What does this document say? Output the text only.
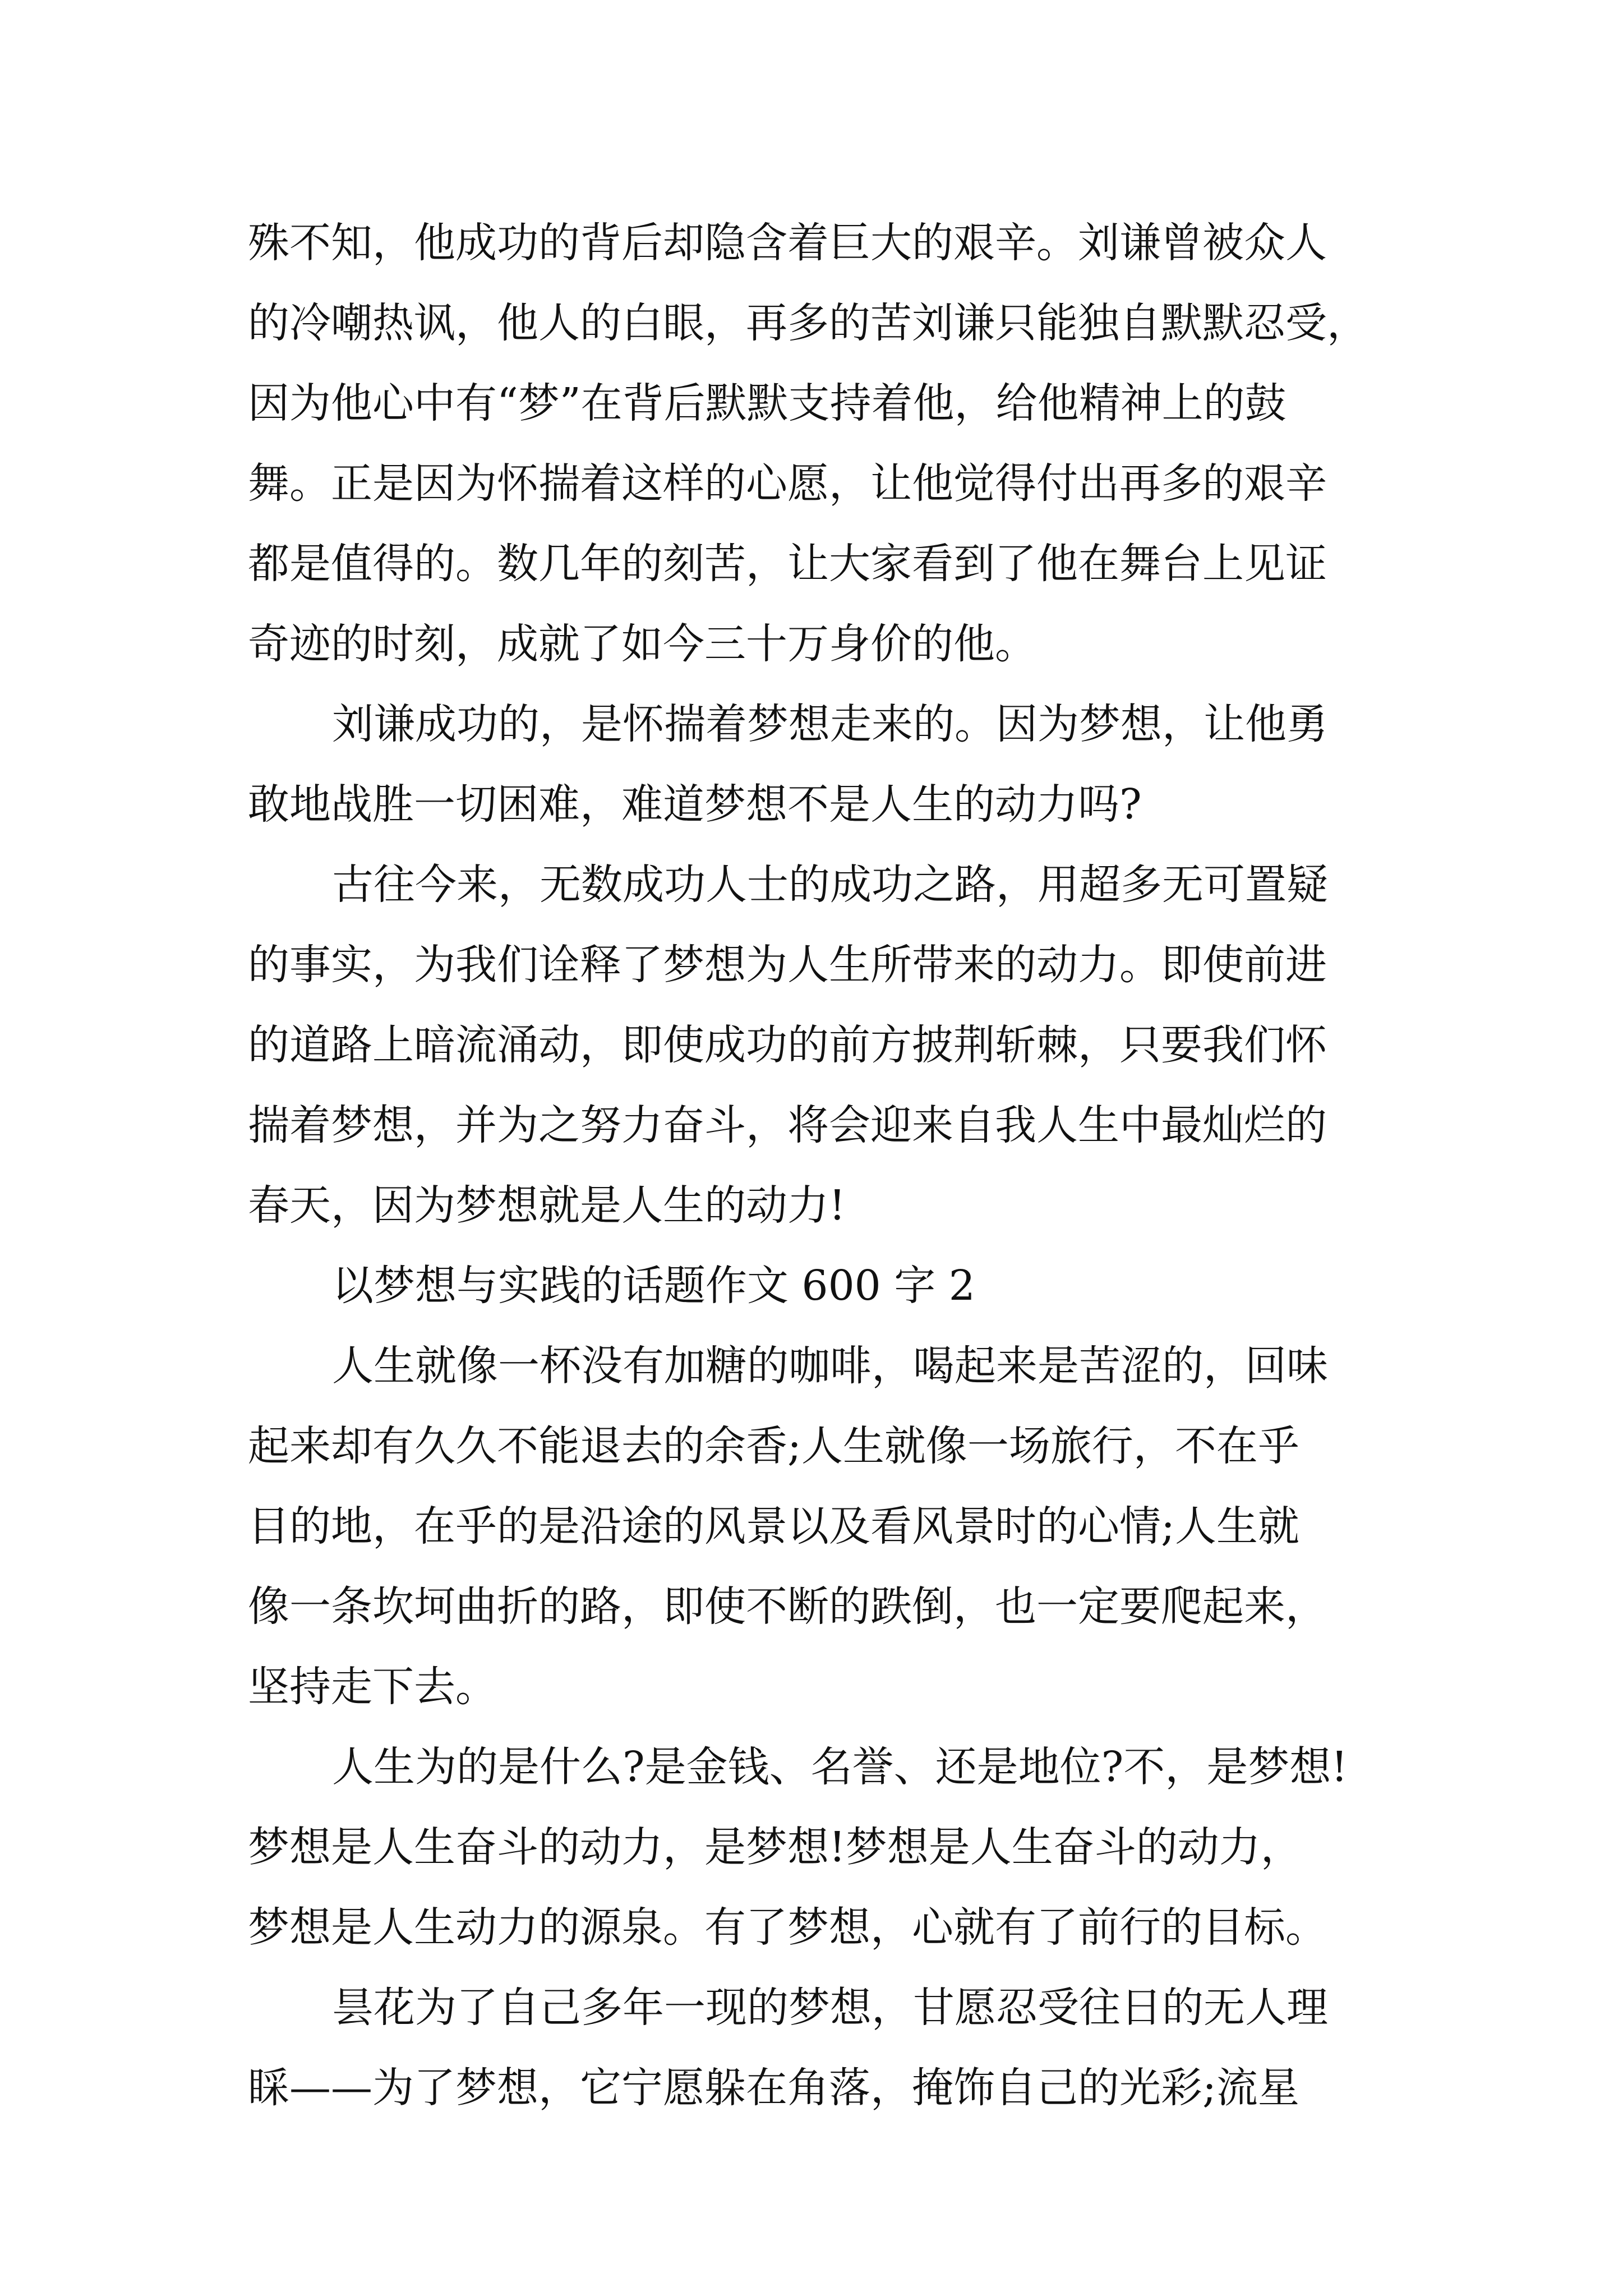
殊不知，他成功的背后却隐含着巨大的艰辛。刘谦曾被众人
的冷嘲热讽，他人的白眼，再多的苦刘谦只能独自默默忍受，
因为他心中有“梦”在背后默默支持着他，给他精神上的鼓
舞。正是因为怀揣着这样的心愿，让他觉得付出再多的艰辛
都是值得的。数几年的刻苦，让大家看到了他在舞台上见证
奇迹的时刻，成就了如今三十万身价的他。
刘谦成功的，是怀揣着梦想走来的。因为梦想，让他勇
敢地战胜一切困难，难道梦想不是人生的动力吗?
古往今来，无数成功人士的成功之路，用超多无可置疑
的事实，为我们诠释了梦想为人生所带来的动力。即使前进
的道路上暗流涌动，即使成功的前方披荆斩棘，只要我们怀
揣着梦想，并为之努力奋斗，将会迎来自我人生中最灿烂的
春天，因为梦想就是人生的动力!
以梦想与实践的话题作文 600 字 2
人生就像一杯没有加糖的咖啡，喝起来是苦涩的，回味
起来却有久久不能退去的余香;人生就像一场旅行，不在乎
目的地，在乎的是沿途的风景以及看风景时的心情;人生就
像一条坎坷曲折的路，即使不断的跌倒，也一定要爬起来，
坚持走下去。
人生为的是什么?是金钱、名誉、还是地位?不，是梦想!
梦想是人生奋斗的动力，是梦想!梦想是人生奋斗的动力，
梦想是人生动力的源泉。有了梦想，心就有了前行的目标。
昙花为了自己多年一现的梦想，甘愿忍受往日的无人理
睬——为了梦想，它宁愿躲在角落，掩饰自己的光彩;流星
